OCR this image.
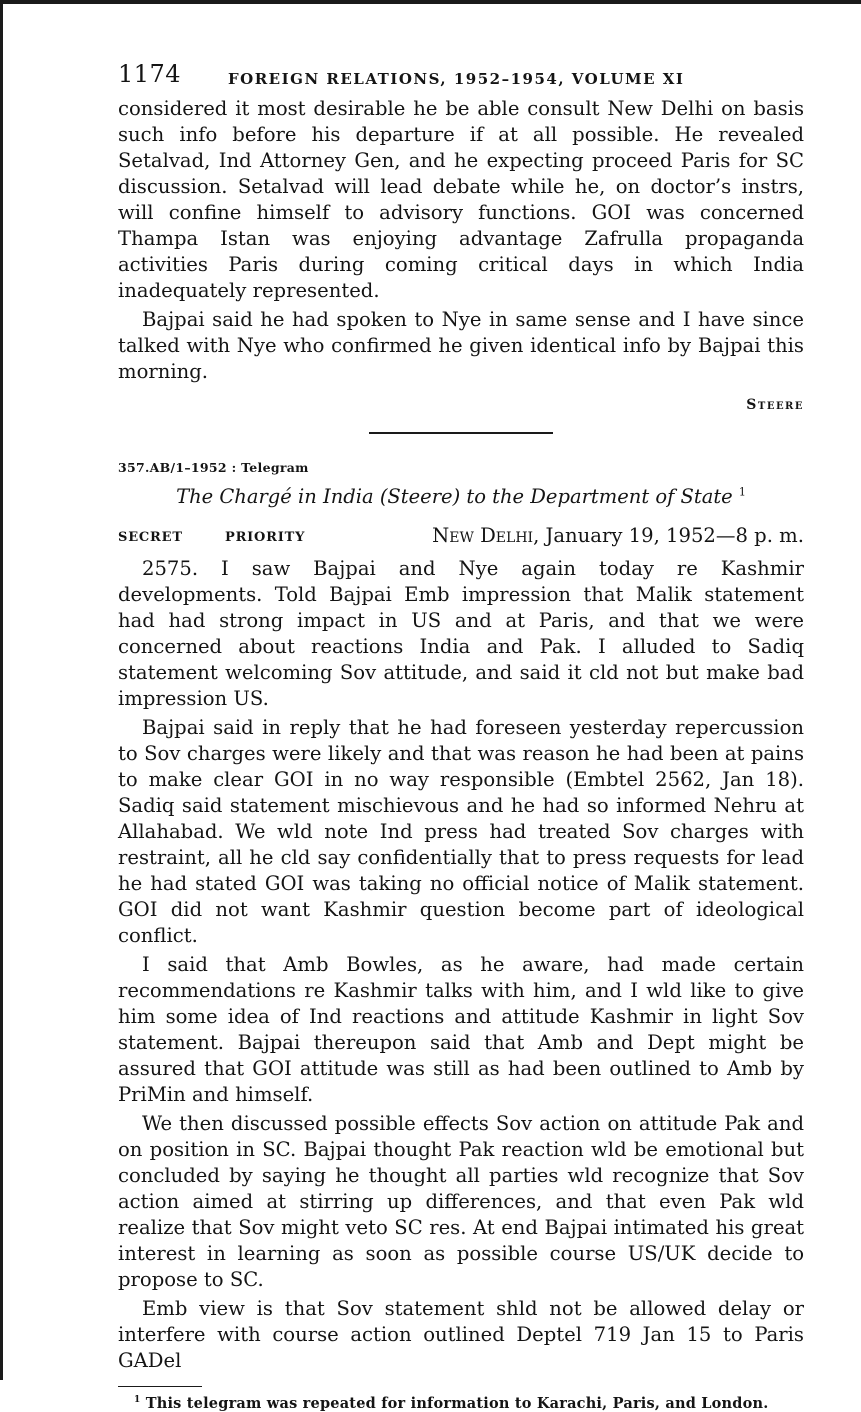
1174	FOREIGN RELATIONS, 1952–1954, VOLUME XI

considered it most desirable he be able consult New Delhi on basis such info before his departure if at all possible. He revealed Setalvad, Ind Attorney Gen, and he expecting proceed Paris for SC discussion. Setalvad will lead debate while he, on doctor’s instrs, will confine himself to advisory functions. GOI was concerned Thampa Istan was enjoying advantage Zafrulla propaganda activities Paris during coming critical days in which India inadequately represented.

Bajpai said he had spoken to Nye in same sense and I have since talked with Nye who confirmed he given identical info by Bajpai this morning.

Steere
357.AB/1–1952 : Telegram
The Chargé in India (Steere) to the Department of State $^1$
SECRET	PRIORITY	New Delhi, January 19, 1952—8 p. m.

2575. I saw Bajpai and Nye again today re Kashmir developments. Told Bajpai Emb impression that Malik statement had had strong impact in US and at Paris, and that we were concerned about reactions India and Pak. I alluded to Sadiq statement welcoming Sov attitude, and said it cld not but make bad impression US.

Bajpai said in reply that he had foreseen yesterday repercussion to Sov charges were likely and that was reason he had been at pains to make clear GOI in no way responsible (Embtel 2562, Jan 18). Sadiq said statement mischievous and he had so informed Nehru at Allahabad. We wld note Ind press had treated Sov charges with restraint, all he cld say confidentially that to press requests for lead he had stated GOI was taking no official notice of Malik statement. GOI did not want Kashmir question become part of ideological conflict.

I said that Amb Bowles, as he aware, had made certain recommendations re Kashmir talks with him, and I wld like to give him some idea of Ind reactions and attitude Kashmir in light Sov statement. Bajpai thereupon said that Amb and Dept might be assured that GOI attitude was still as had been outlined to Amb by PriMin and himself.

We then discussed possible effects Sov action on attitude Pak and on position in SC. Bajpai thought Pak reaction wld be emotional but concluded by saying he thought all parties wld recognize that Sov action aimed at stirring up differences, and that even Pak wld realize that Sov might veto SC res. At end Bajpai intimated his great interest in learning as soon as possible course US/UK decide to propose to SC.

Emb view is that Sov statement shld not be allowed delay or interfere with course action outlined Deptel 719 Jan 15 to Paris GADel

$^1$ This telegram was repeated for information to Karachi, Paris, and London.
